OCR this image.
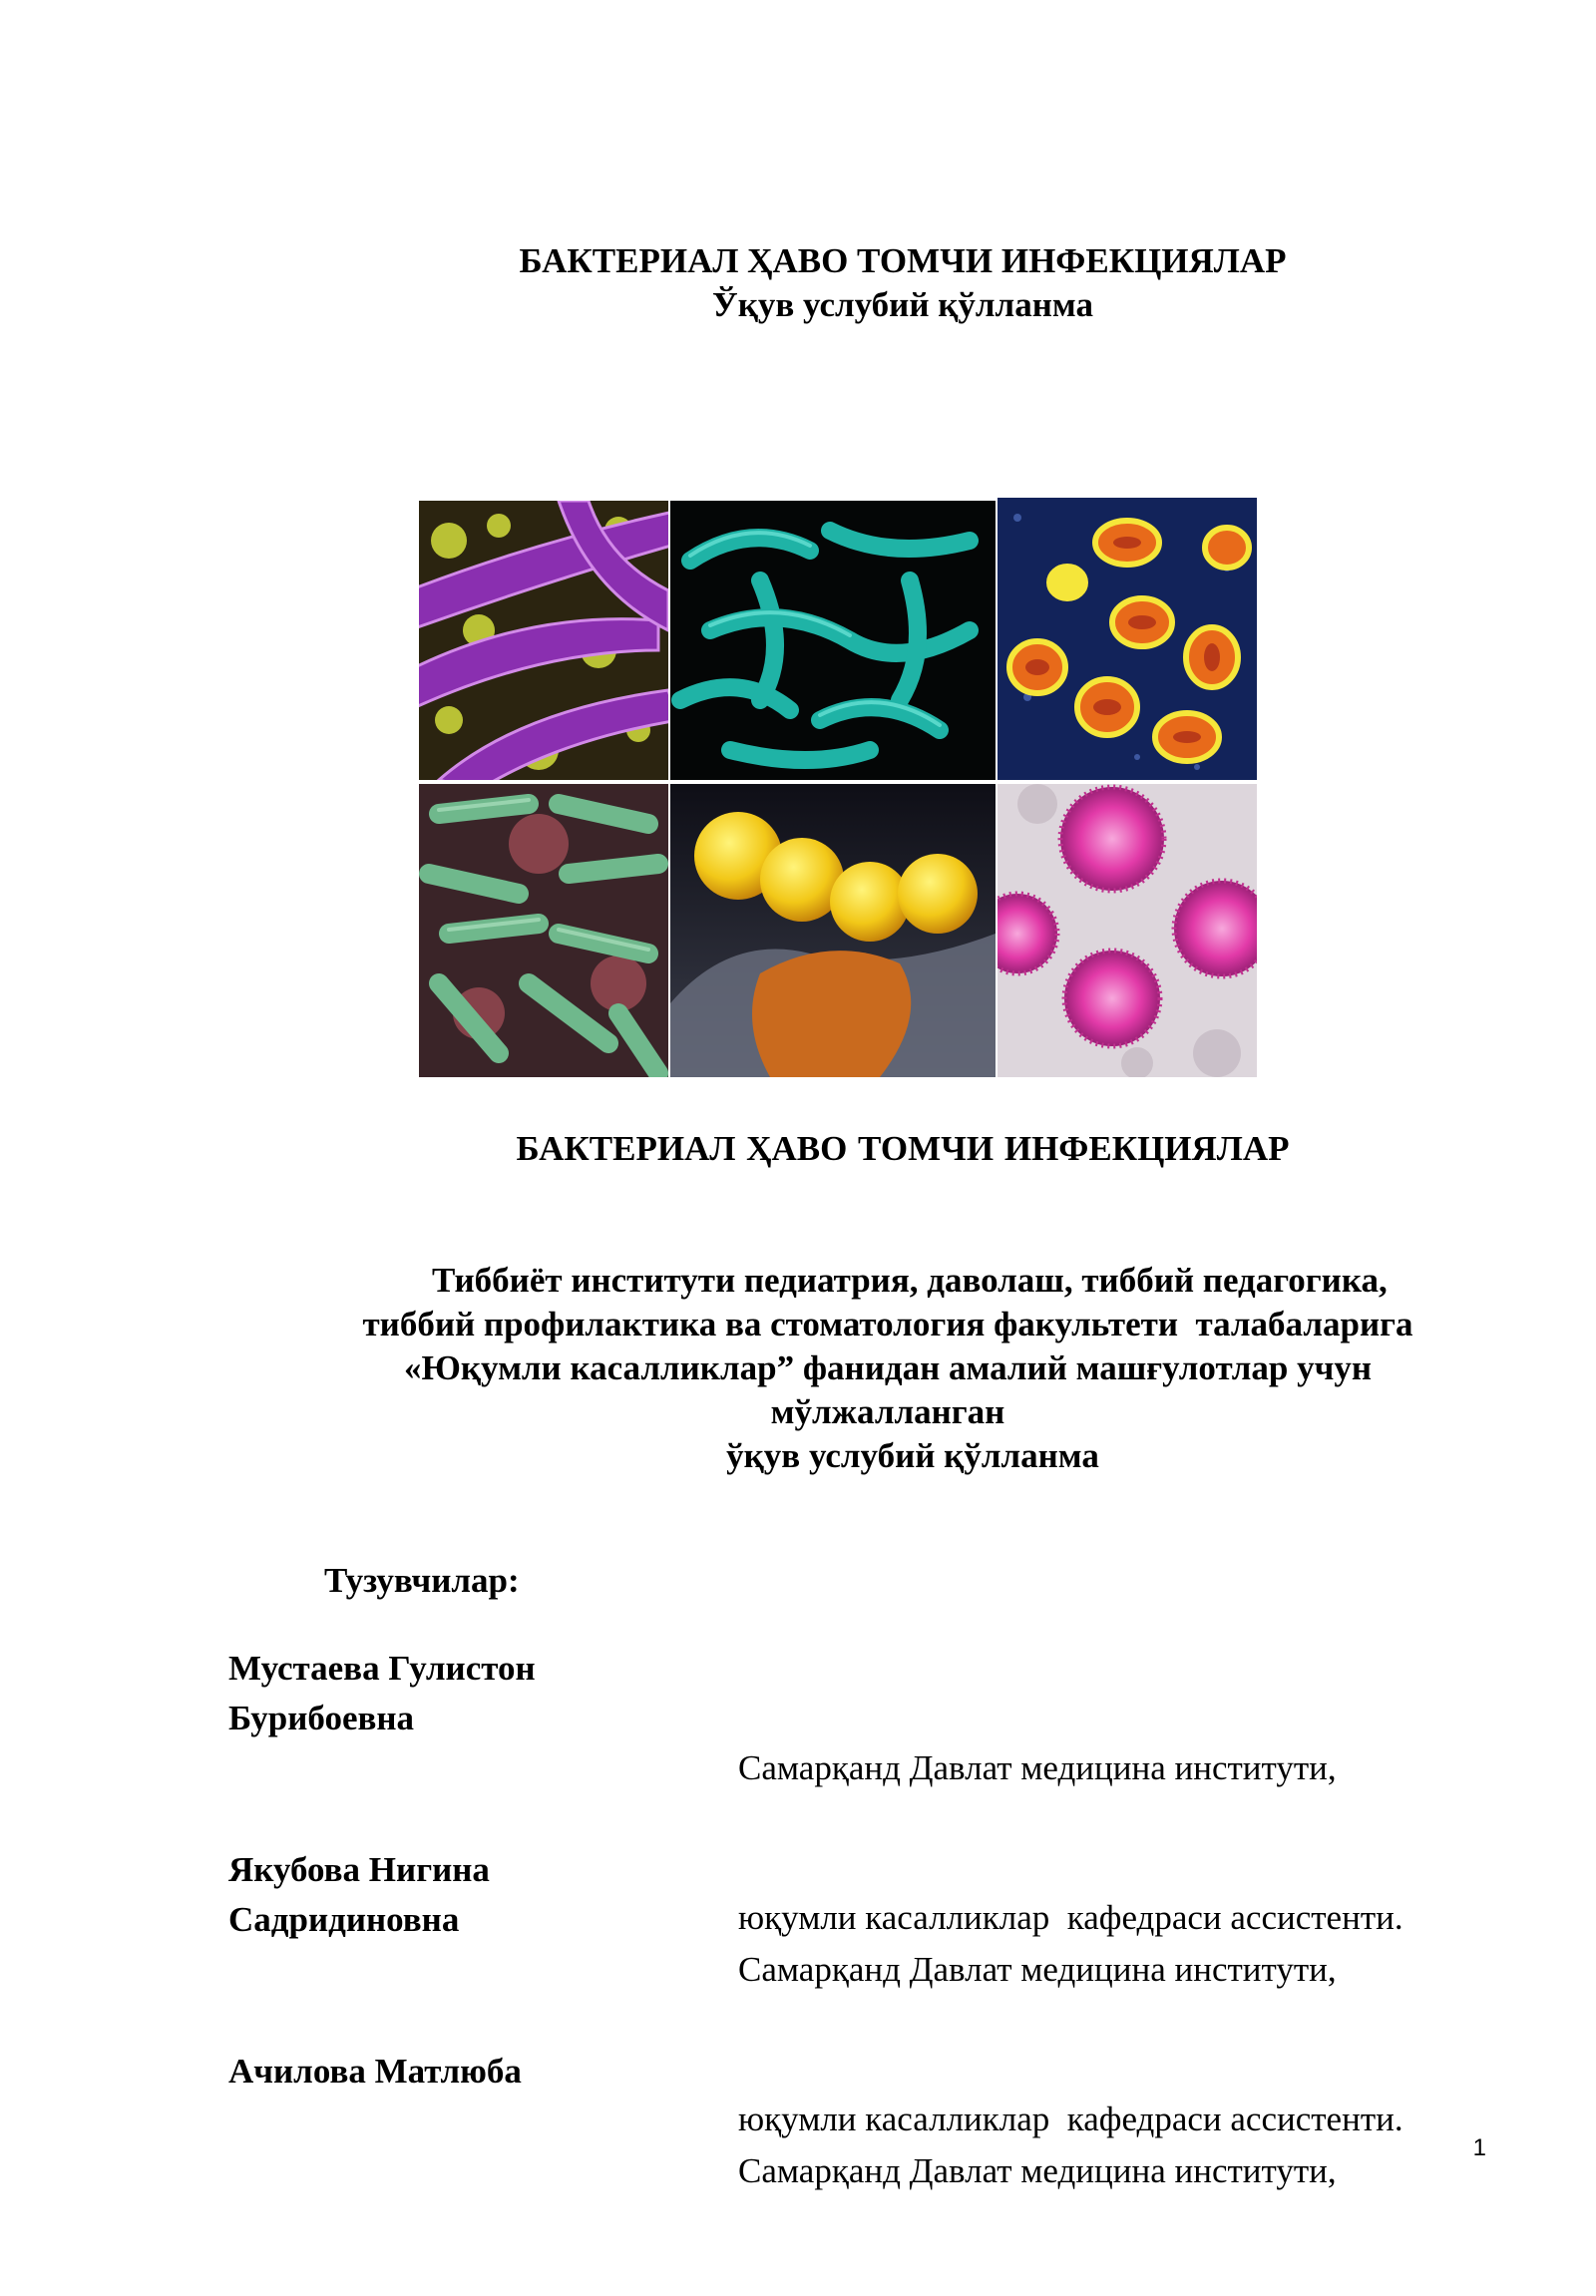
БАКТЕРИАЛ ҲАВО ТОМЧИ ИНФЕКЦИЯЛАР
Ўқув услубий қўлланма
БАКТЕРИАЛ ҲАВО ТОМЧИ ИНФЕКЦИЯЛАР
Тиббиёт институти педиатрия, даволаш, тиббий педагогика,
тиббий профилактика ва стоматология факультети  талабаларига
«Юқумли касалликлар” фанидан амалий машғулотлар учун
мўлжалланган
ўқув услубий қўлланма
Тузувчилар:
Мустаева Гулистон
Бурибоевна

Самарқанд Давлат медицина институти,

юқумли касалликлар  кафедраси ассистенти.

Якубова Нигина
Садридиновна

Самарқанд Давлат медицина институти,

юқумли касалликлар  кафедраси ассистенти.

Ачилова Матлюба

Самарқанд Давлат медицина институти,

1
